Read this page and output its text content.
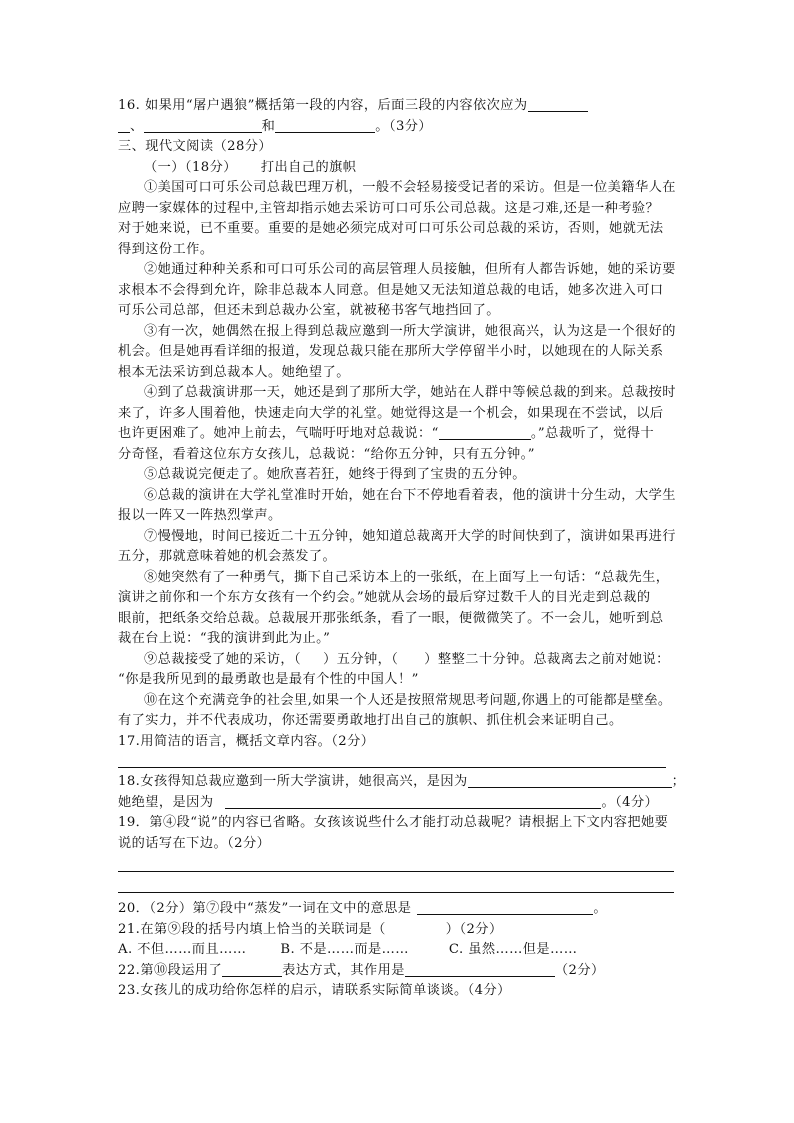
16. 如果用“屠户遇狼”概括第一段的内容，后面三段的内容依次应为
、	和	。（3分）
三、现代文阅读（28分）
（一）（18分） 打出自己的旗帜
①美国可口可乐公司总裁巴理万机，一般不会轻易接受记者的采访。但是一位美籍华人在
应聘一家媒体的过程中,主管却指示她去采访可口可乐公司总裁。这是刁难,还是一种考验？
对于她来说，已不重要。重要的是她必须完成对可口可乐公司总裁的采访，否则，她就无法
得到这份工作。
②她通过种种关系和可口可乐公司的高层管理人员接触，但所有人都告诉她，她的采访要
求根本不会得到允许，除非总裁本人同意。但是她又无法知道总裁的电话，她多次进入可口
可乐公司总部，但还未到总裁办公室，就被秘书客气地挡回了。
③有一次，她偶然在报上得到总裁应邀到一所大学演讲，她很高兴，认为这是一个很好的
机会。但是她再看详细的报道，发现总裁只能在那所大学停留半小时，以她现在的人际关系
根本无法采访到总裁本人。她绝望了。
④到了总裁演讲那一天，她还是到了那所大学，她站在人群中等候总裁的到来。总裁按时
来了，许多人围着他，快速走向大学的礼堂。她觉得这是一个机会，如果现在不尝试，以后
也许更困难了。她冲上前去，气喘吁吁地对总裁说：“	。”总裁听了，觉得十
分奇怪，看着这位东方女孩儿，总裁说：“给你五分钟，只有五分钟。”
⑤总裁说完便走了。她欣喜若狂，她终于得到了宝贵的五分钟。
⑥总裁的演讲在大学礼堂准时开始，她在台下不停地看着表，他的演讲十分生动，大学生
报以一阵又一阵热烈掌声。
⑦慢慢地，时间已接近二十五分钟，她知道总裁离开大学的时间快到了，演讲如果再进行
五分，那就意味着她的机会蒸发了。
⑧她突然有了一种勇气，撕下自己采访本上的一张纸，在上面写上一句话：“总裁先生，
演讲之前你和一个东方女孩有一个约会。”她就从会场的最后穿过数千人的目光走到总裁的
眼前，把纸条交给总裁。总裁展开那张纸条，看了一眼，便微微笑了。不一会儿，她听到总
裁在台上说：“我的演讲到此为止。”
⑨总裁接受了她的采访，（ ）五分钟，（ ）整整二十分钟。总裁离去之前对她说：
“你是我所见到的最勇敢也是最有个性的中国人！”
⑩在这个充满竞争的社会里,如果一个人还是按照常规思考问题,你遇上的可能都是壁垒。
有了实力，并不代表成功，你还需要勇敢地打出自己的旗帜、抓住机会来证明自己。
17.用简洁的语言，概括文章内容。（2分）
18.女孩得知总裁应邀到一所大学演讲，她很高兴，是因为	；
她绝望，是因为	。（4分）
19．第④段“说”的内容已省略。女孩该说些什么才能打动总裁呢？请根据上下文内容把她要
说的话写在下边。（2分）
20．（2分）第⑦段中“蒸发”一词在文中的意思是	。
21.在第⑨段的括号内填上恰当的关联词是（	）（2分）
A. 不但……而且……	B. 不是……而是……	C. 虽然……但是……
22.第⑩段运用了	表达方式，其作用是	（2分）
23.女孩儿的成功给你怎样的启示，请联系实际简单谈谈。（4分）
